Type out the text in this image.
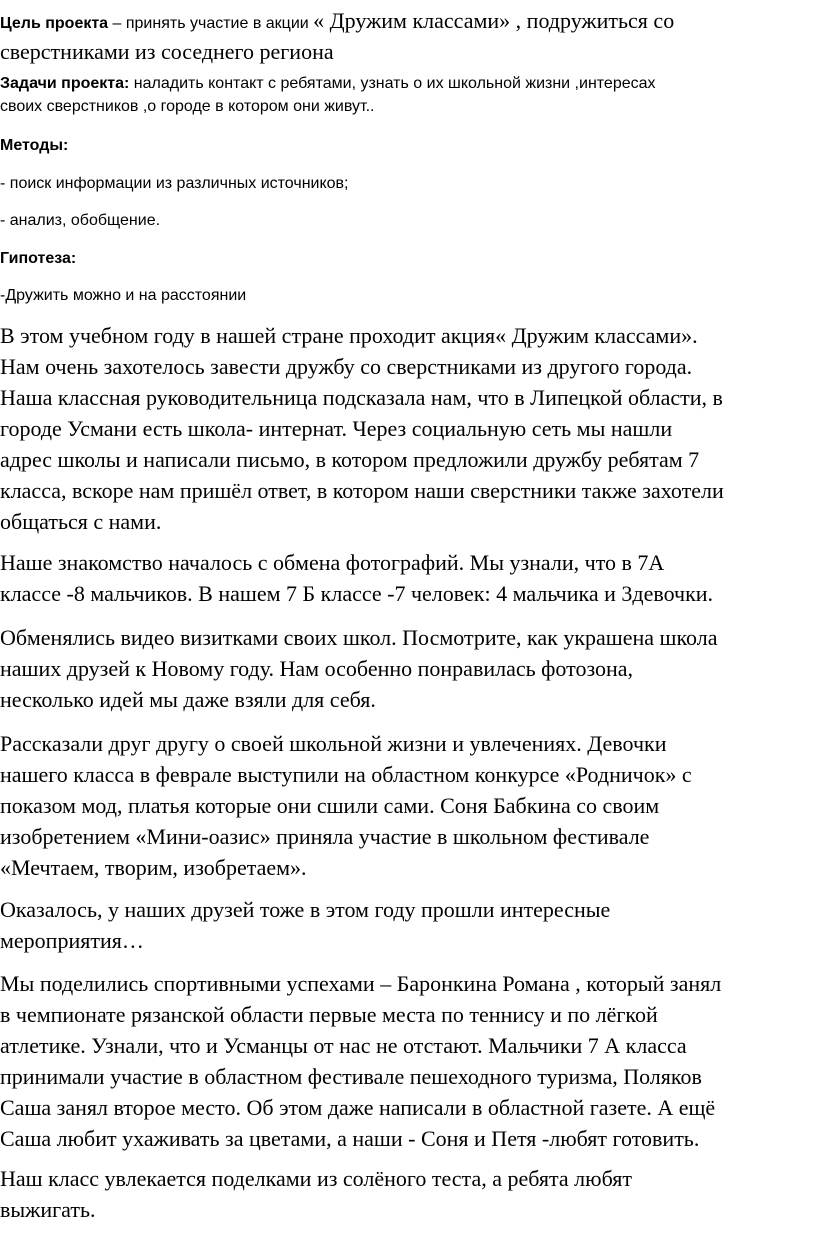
Цель проекта – принять участие в акции « Дружим классами» , подружиться со
сверстниками из соседнего региона
Задачи проекта: наладить контакт с ребятами, узнать о их школьной жизни ,интересах
своих сверстников ,о городе в котором они живут..
Методы:
- поиск информации из различных источников;
- анализ, обобщение.
Гипотеза:
-Дружить можно и на расстоянии
В этом учебном году в нашей стране проходит акция« Дружим классами».
Нам очень захотелось завести дружбу со сверстниками из другого города.
Наша классная руководительница подсказала нам, что в Липецкой области, в
городе Усмани есть школа- интернат. Через социальную сеть мы нашли
адрес школы и написали письмо, в котором предложили дружбу ребятам 7
класса, вскоре нам пришёл ответ, в котором наши сверстники также захотели
общаться с нами.
Наше знакомство началось с обмена фотографий. Мы узнали, что в 7А
классе -8 мальчиков. В нашем 7 Б классе -7 человек: 4 мальчика и 3девочки.
Обменялись видео визитками своих школ. Посмотрите, как украшена школа
наших друзей к Новому году. Нам особенно понравилась фотозона,
несколько идей мы даже взяли для себя.
Рассказали друг другу о своей школьной жизни и увлечениях. Девочки
нашего класса в феврале выступили на областном конкурсе «Родничок» с
показом мод, платья которые они сшили сами. Соня Бабкина со своим
изобретением «Мини-оазис» приняла участие в школьном фестивале
«Мечтаем, творим, изобретаем».
Оказалось, у наших друзей тоже в этом году прошли интересные
мероприятия…
Мы поделились спортивными успехами – Баронкина Романа , который занял
в чемпионате рязанской области первые места по теннису и по лёгкой
атлетике. Узнали, что и Усманцы от нас не отстают. Мальчики 7 А класса
принимали участие в областном фестивале пешеходного туризма, Поляков
Саша занял второе место. Об этом даже написали в областной газете. А ещё
Саша любит ухаживать за цветами, а наши - Соня и Петя -любят готовить.
Наш класс увлекается поделками из солёного теста, а ребята любят
выжигать.
